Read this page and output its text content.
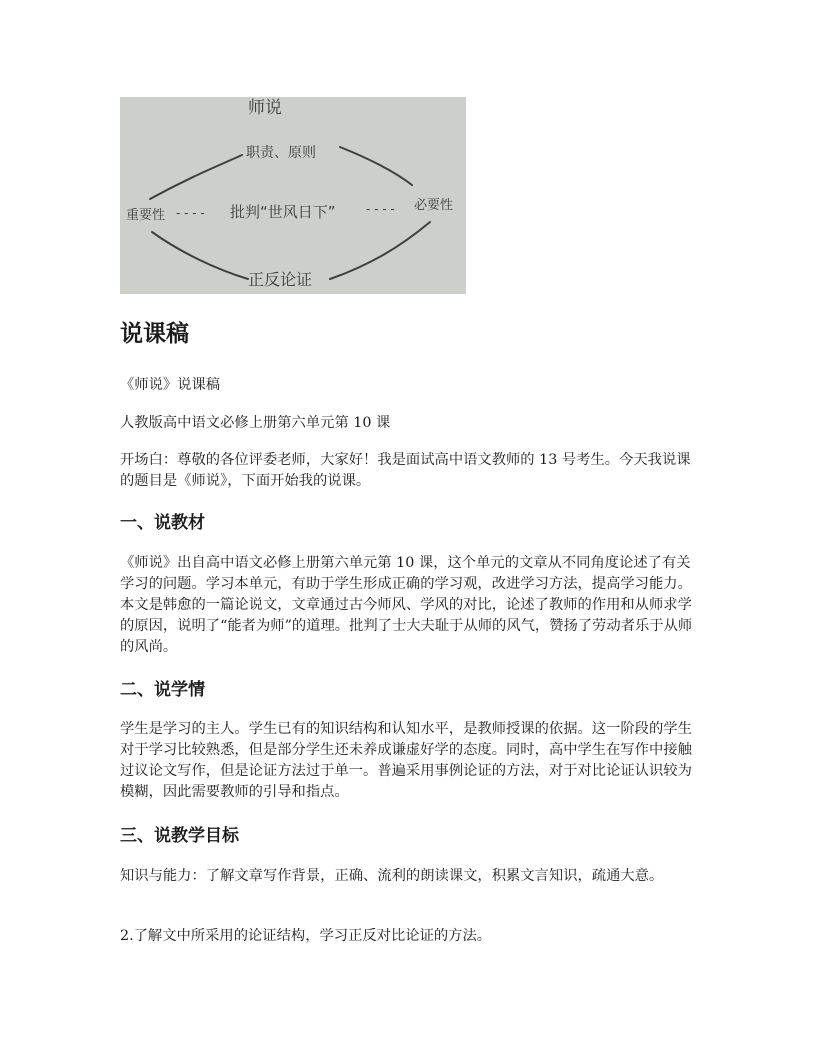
师说
职责、原则
重要性 - - - - 批判“世风日下”	- - - - 必要性
正反论证
说课稿

《师说》说课稿

人教版高中语文必修上册第六单元第 10 课

开场白：尊敬的各位评委老师，大家好！我是面试高中语文教师的 13 号考生。今天我说课的题目是《师说》，下面开始我的说课。

一、说教材

《师说》出自高中语文必修上册第六单元第 10 课，这个单元的文章从不同角度论述了有关学习的问题。学习本单元，有助于学生形成正确的学习观，改进学习方法，提高学习能力。本文是韩愈的一篇论说文，文章通过古今师风、学风的对比，论述了教师的作用和从师求学的原因，说明了“能者为师”的道理。批判了士大夫耻于从师的风气，赞扬了劳动者乐于从师的风尚。

二、说学情

学生是学习的主人。学生已有的知识结构和认知水平，是教师授课的依据。这一阶段的学生对于学习比较熟悉，但是部分学生还未养成谦虚好学的态度。同时，高中学生在写作中接触过议论文写作，但是论证方法过于单一。普遍采用事例论证的方法，对于对比论证认识较为模糊，因此需要教师的引导和指点。

三、说教学目标

知识与能力：了解文章写作背景，正确、流利的朗读课文，积累文言知识，疏通大意。

2.了解文中所采用的论证结构，学习正反对比论证的方法。
